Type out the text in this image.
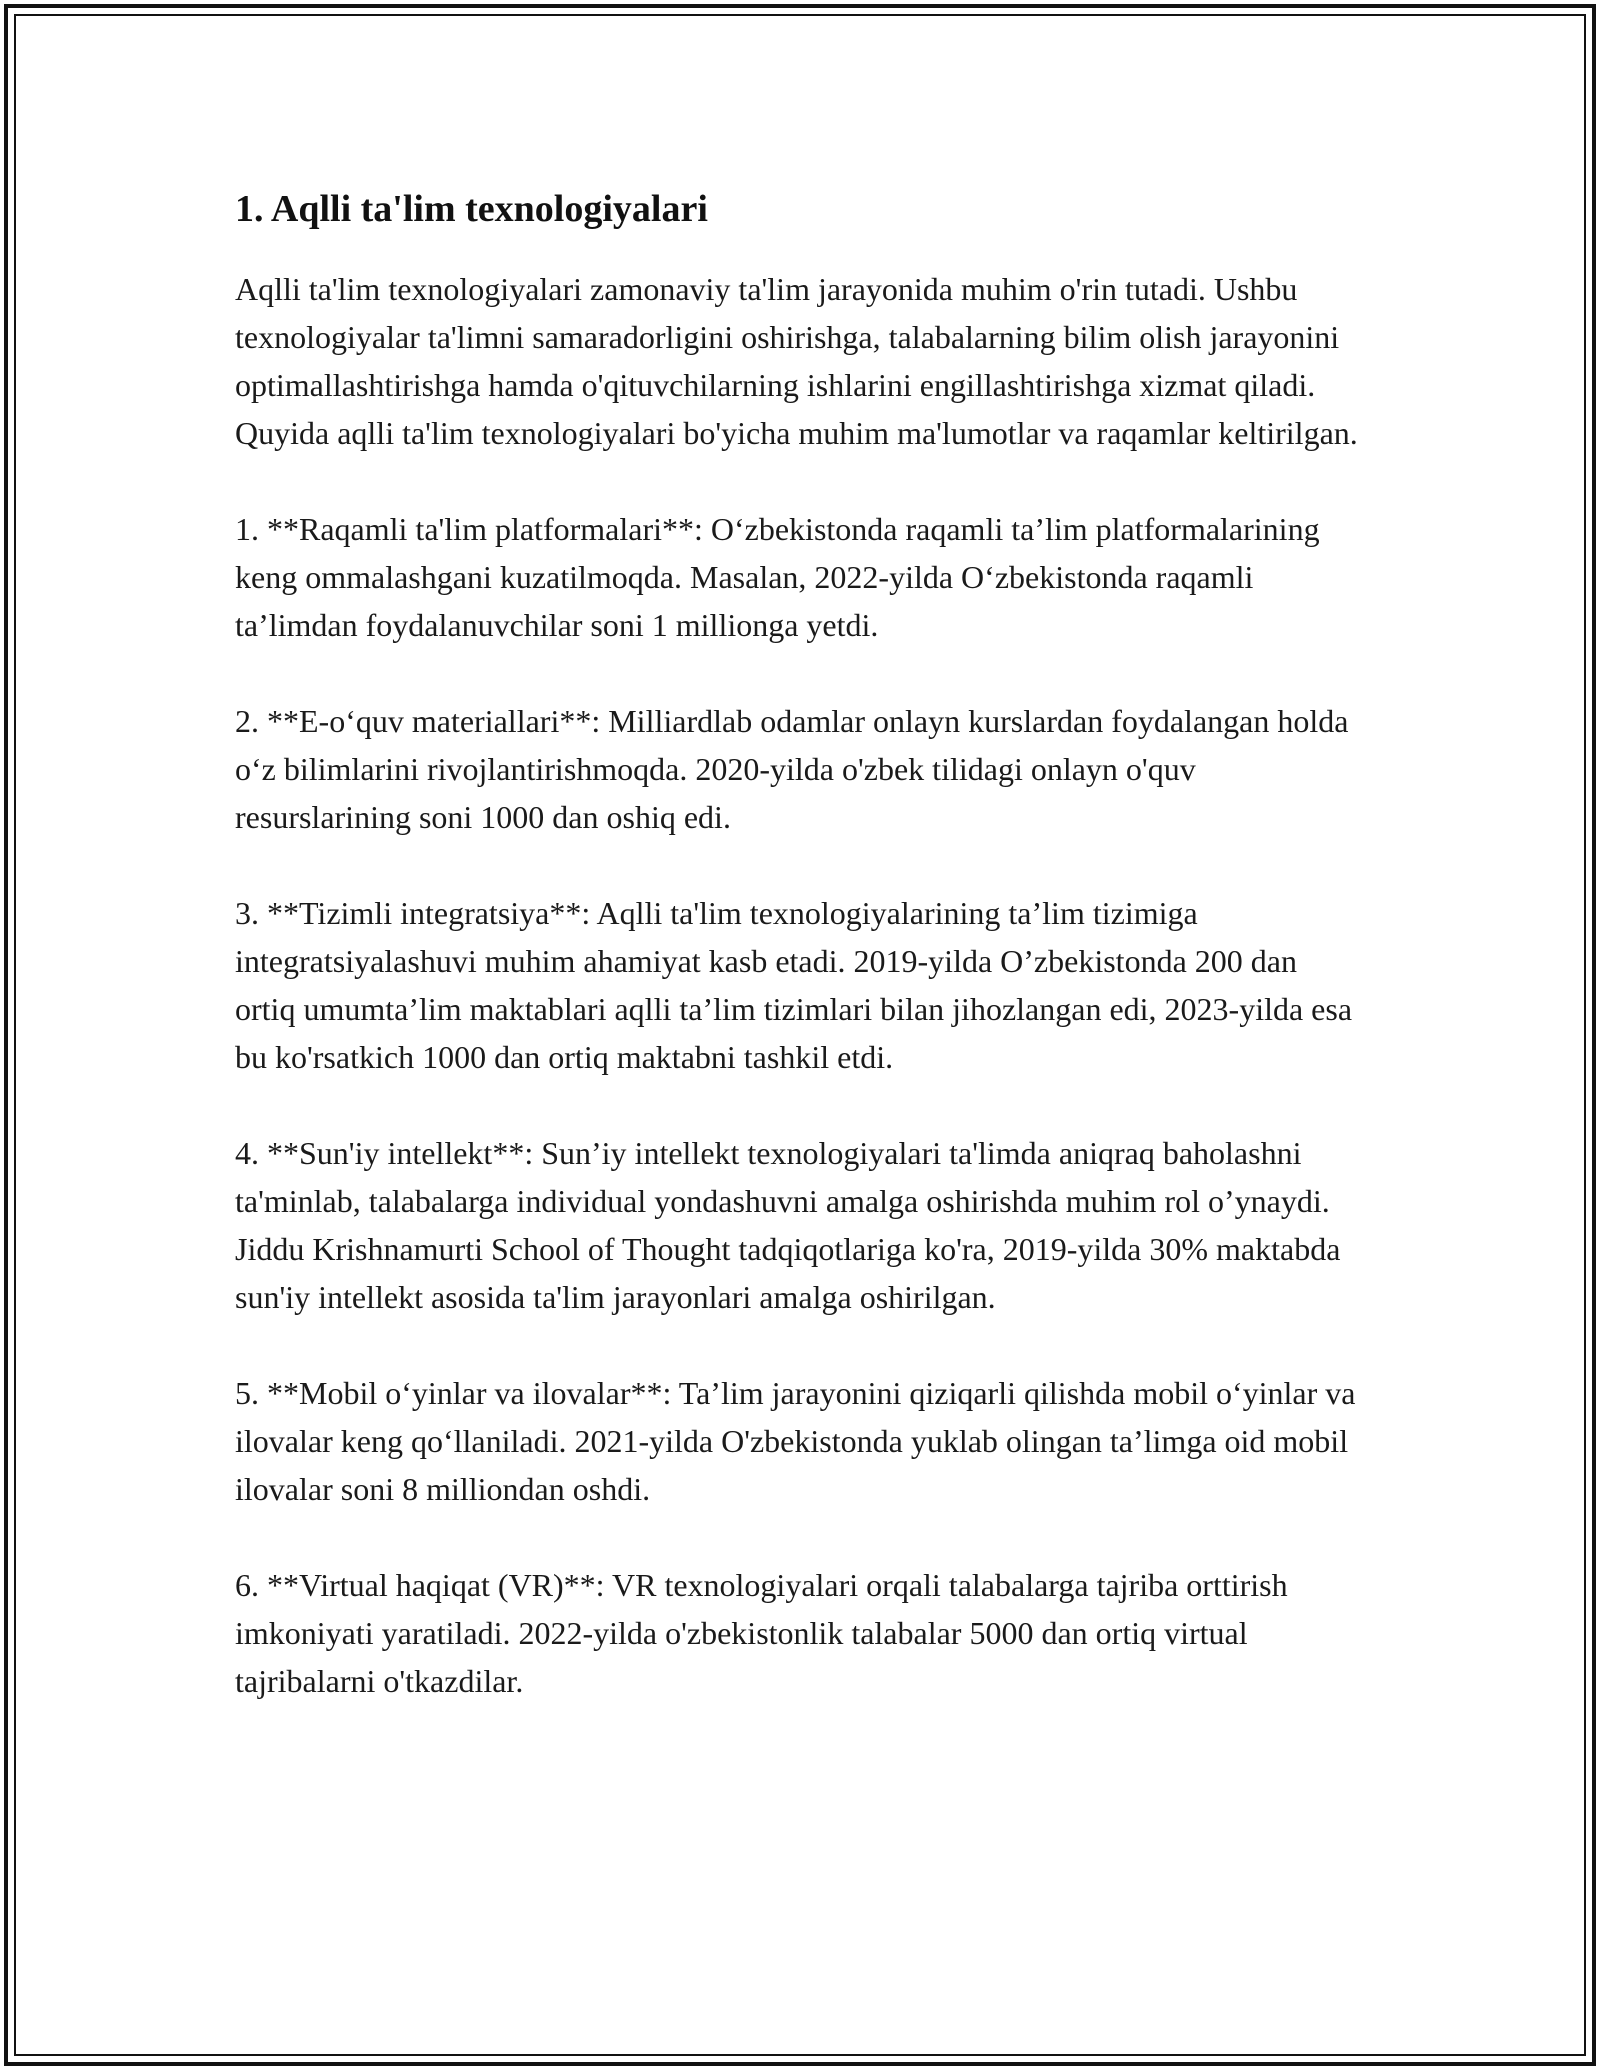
1. Aqlli ta'lim texnologiyalari

Aqlli ta'lim texnologiyalari zamonaviy ta'lim jarayonida muhim o'rin tutadi. Ushbu texnologiyalar ta'limni samaradorligini oshirishga, talabalarning bilim olish jarayonini optimallashtirishga hamda o'qituvchilarning ishlarini engillashtirishga xizmat qiladi. Quyida aqlli ta'lim texnologiyalari bo'yicha muhim ma'lumotlar va raqamlar keltirilgan.

1. **Raqamli ta'lim platformalari**: O‘zbekistonda raqamli ta’lim platformalarining keng ommalashgani kuzatilmoqda. Masalan, 2022-yilda O‘zbekistonda raqamli ta’limdan foydalanuvchilar soni 1 millionga yetdi.

2. **E-o‘quv materiallari**: Milliardlab odamlar onlayn kurslardan foydalangan holda o‘z bilimlarini rivojlantirishmoqda. 2020-yilda o'zbek tilidagi onlayn o'quv resurslarining soni 1000 dan oshiq edi.

3. **Tizimli integratsiya**: Aqlli ta'lim texnologiyalarining ta’lim tizimiga integratsiyalashuvi muhim ahamiyat kasb etadi. 2019-yilda O’zbekistonda 200 dan ortiq umumta’lim maktablari aqlli ta’lim tizimlari bilan jihozlangan edi, 2023-yilda esa bu ko'rsatkich 1000 dan ortiq maktabni tashkil etdi.

4. **Sun'iy intellekt**: Sun’iy intellekt texnologiyalari ta'limda aniqraq baholashni ta'minlab, talabalarga individual yondashuvni amalga oshirishda muhim rol o’ynaydi. Jiddu Krishnamurti School of Thought tadqiqotlariga ko'ra, 2019-yilda 30% maktabda sun'iy intellekt asosida ta'lim jarayonlari amalga oshirilgan.

5. **Mobil o‘yinlar va ilovalar**: Ta’lim jarayonini qiziqarli qilishda mobil o‘yinlar va ilovalar keng qo‘llaniladi. 2021-yilda O'zbekistonda yuklab olingan ta’limga oid mobil ilovalar soni 8 milliondan oshdi.

6. **Virtual haqiqat (VR)**: VR texnologiyalari orqali talabalarga tajriba orttirish imkoniyati yaratiladi. 2022-yilda o'zbekistonlik talabalar 5000 dan ortiq virtual tajribalarni o'tkazdilar.
